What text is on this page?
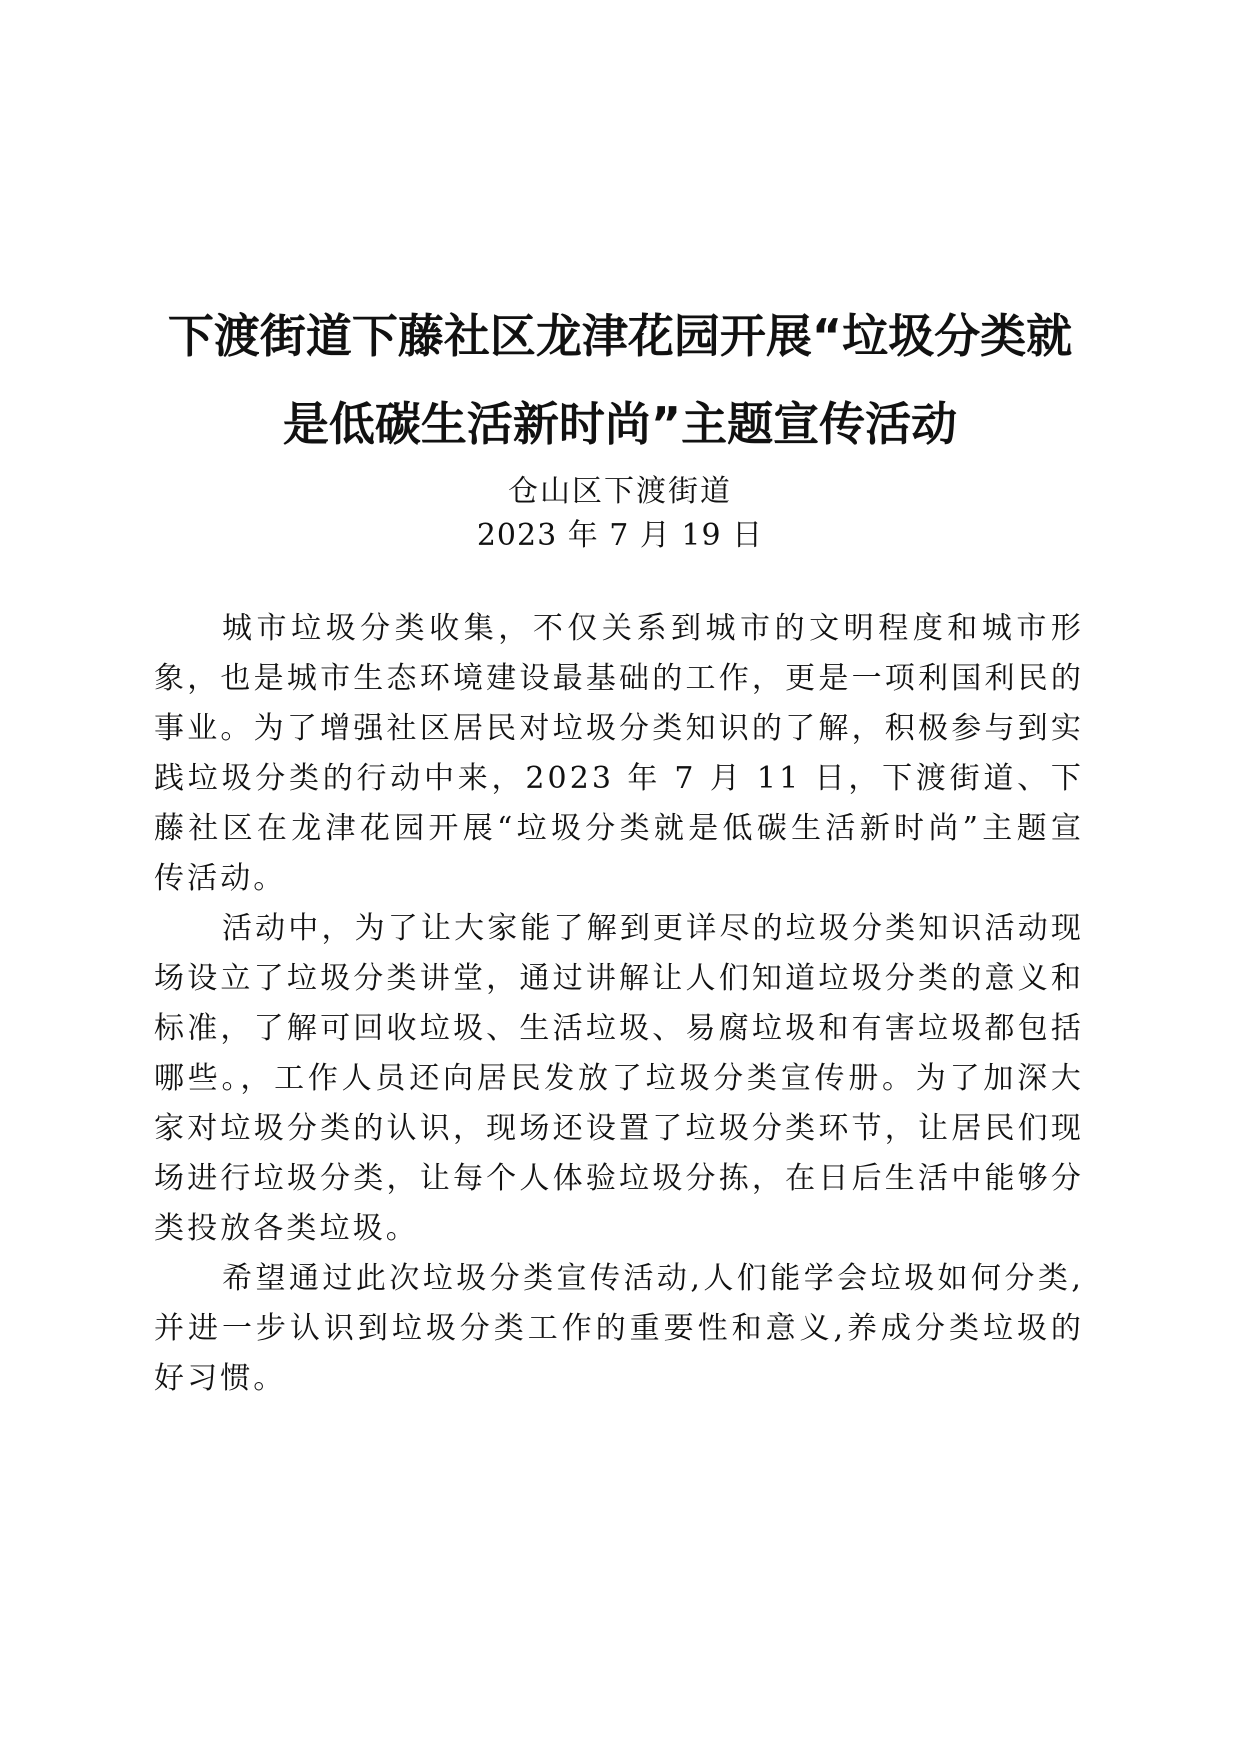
下渡街道下藤社区龙津花园开展“垃圾分类就
是低碳生活新时尚”主题宣传活动
仓山区下渡街道
2023 年 7 月 19 日

城市垃圾分类收集，不仅关系到城市的文明程度和城市形象，也是城市生态环境建设最基础的工作，更是一项利国利民的事业。为了增强社区居民对垃圾分类知识的了解，积极参与到实践垃圾分类的行动中来，2023 年 7 月 11 日，下渡街道、下藤社区在龙津花园开展“垃圾分类就是低碳生活新时尚”主题宣传活动。

活动中，为了让大家能了解到更详尽的垃圾分类知识活动现场设立了垃圾分类讲堂，通过讲解让人们知道垃圾分类的意义和标准，了解可回收垃圾、生活垃圾、易腐垃圾和有害垃圾都包括哪些。，工作人员还向居民发放了垃圾分类宣传册。为了加深大家对垃圾分类的认识，现场还设置了垃圾分类环节，让居民们现场进行垃圾分类，让每个人体验垃圾分拣，在日后生活中能够分类投放各类垃圾。

希望通过此次垃圾分类宣传活动,人们能学会垃圾如何分类,并进一步认识到垃圾分类工作的重要性和意义,养成分类垃圾的好习惯。
